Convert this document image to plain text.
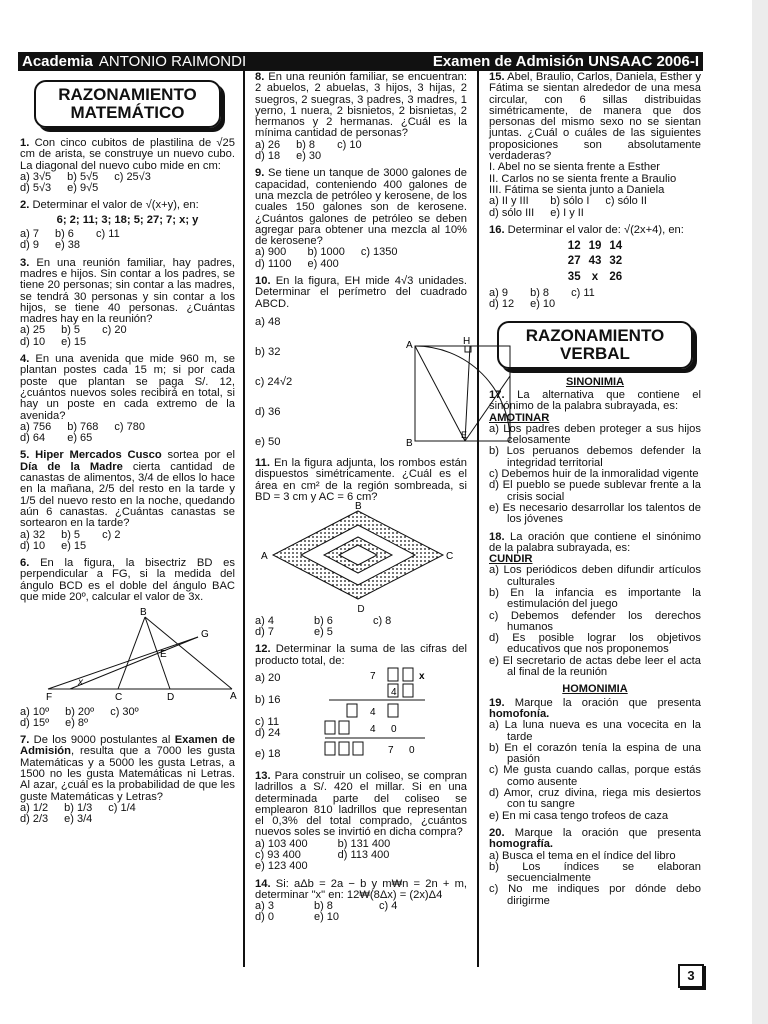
Academia ANTONIO RAIMONDI	Examen de Admisión UNSAAC 2006-I
RAZONAMIENTO MATEMÁTICO

1. Con cinco cubitos de plastilina de √25 cm de arista, se construye un nuevo cubo. La diagonal del nuevo cubo mide en cm:

a) 3√5 b) 5√5 c) 25√3
d) 5√3 e) 9√5

2. Determinar el valor de √(x+y), en:

6; 2; 11; 3; 18; 5; 27; 7; x; y

a) 7 b) 6	c) 11
d) 9 e) 38

3. En una reunión familiar, hay padres, madres e hijos. Sin contar a los padres, se tiene 20 personas; sin contar a las madres, se tendrá 30 personas y sin contar a los hijos, se tiene 40 personas. ¿Cuántas madres hay en la reunión?

a) 25 b) 5	c) 20
d) 10 e) 15

4. En una avenida que mide 960 m, se plantan postes cada 15 m; si por cada poste que plantan se paga S/. 12, ¿cuántos nuevos soles recibirá en total, si hay un poste en cada extremo de la avenida?

a) 756 b) 768 c) 780
d) 64	e) 65

5. Hiper Mercados Cusco sortea por el Día de la Madre cierta cantidad de canastas de alimentos, 3/4 de ellos lo hace en la mañana, 2/5 del resto en la tarde y 1/5 del nuevo resto en la noche, quedando aún 6 canastas. ¿Cuántas canastas se sortearon en la tarde?

a) 32 b) 5	c) 2
d) 10 e) 15

6. En la figura, la bisectriz BD es perpendicular a FG, si la medida del ángulo BCD es el doble del ángulo BAC que mide 20º, calcular el valor de 3x.

B
G
E
x
F	C	D	A
a) 10º b) 20º c) 30º
d) 15º e) 8º

7. De los 9000 postulantes al Examen de Admisión, resulta que a 7000 les gusta Matemáticas y a 5000 les gusta Letras, a 1500 no les gusta Matemáticas ni Letras. Al azar, ¿cuál es la probabilidad de que les guste Matemáticas y Letras?

a) 1/2 b) 1/3 c) 1/4
d) 2/3 e) 3/4

8. En una reunión familiar, se encuentran: 2 abuelos, 2 abuelas, 3 hijos, 3 hijas, 2 suegros, 2 suegras, 3 padres, 3 madres, 1 yerno, 1 nuera, 2 bisnietos, 2 bisnietas, 2 hermanos y 2 hermanas. ¿Cuál es la mínima cantidad de personas?

a) 26 b) 8	c) 10
d) 18 e) 30

9. Se tiene un tanque de 3000 galones de capacidad, conteniendo 400 galones de una mezcla de petróleo y kerosene, de los cuales 150 galones son de kerosene. ¿Cuántos galones de petróleo se deben agregar para obtener una mezcla al 10% de kerosene?

a) 900	b) 1000 c) 1350
d) 1100 e) 400

10. En la figura, EH mide 4√3 unidades. Determinar el perímetro del cuadrado ABCD.

a) 48
b) 32
c) 24√2
d) 36
e) 50
A	H
B
E

11. En la figura adjunta, los rombos están dispuestos simétricamente. ¿Cuál es el área en cm² de la región sombreada, si BD = 3 cm y AC = 6 cm?

B
A	C
D
a) 4	b) 6	c) 8
d) 7	e) 5

12. Determinar la suma de las cifras del producto total, de:

a) 20
b) 16
c) 11
d) 24
e) 18
7	x
4
4
4 0
7 0

13. Para construir un coliseo, se compran ladrillos a S/. 420 el millar. Si en una determinada parte del coliseo se emplearon 810 ladrillos que representan el 0,3% del total comprado, ¿cuántos nuevos soles se invirtió en dicha compra?

a) 103 400	b) 131 400
c) 93 400	d) 113 400
e) 123 400

14. Si: aΔb = 2a − b y m₩n = 2n + m, determinar "x" en: 12₩(8Δx) = (2x)Δ4

a) 3	b) 8	c) 4
d) 0	e) 10

15. Abel, Braulio, Carlos, Daniela, Esther y Fátima se sientan alrededor de una mesa circular, con 6 sillas distribuidas simétricamente, de manera que dos personas del mismo sexo no se sientan juntas. ¿Cuál o cuáles de las siguientes proposiciones son absolutamente verdaderas?

I. Abel no se sienta frente a Esther

II. Carlos no se sienta frente a Braulio

III. Fátima se sienta junto a Daniela

a) II y III	b) sólo I c) sólo II
d) sólo III e) I y II

16. Determinar el valor de: √(2x+4), en:

12	19	14
27	43	32
35	x	26
a) 9	b) 8	c) 11
d) 12 e) 10
RAZONAMIENTO VERBAL
SINONIMIA

17. La alternativa que contiene el sinónimo de la palabra subrayada, es:

AMOTINAR

a) Los padres deben proteger a sus hijos celosamente

b) Los peruanos debemos defender la integridad territorial

c) Debemos huir de la inmoralidad vigente

d) El pueblo se puede sublevar frente a la crisis social

e) Es necesario desarrollar los talentos de los jóvenes

18. La oración que contiene el sinónimo de la palabra subrayada, es:

CUNDIR

a) Los periódicos deben difundir artículos culturales

b) En la infancia es importante la estimulación del juego

c) Debemos defender los derechos humanos

d) Es posible lograr los objetivos educativos que nos proponemos

e) El secretario de actas debe leer el acta al final de la reunión

HOMONIMIA

19. Marque la oración que presenta homofonía.

a) La luna nueva es una vocecita en la tarde

b) En el corazón tenía la espina de una pasión

c) Me gusta cuando callas, porque estás como ausente

d) Amor, cruz divina, riega mis desiertos con tu sangre

e) En mi casa tengo trofeos de caza

20. Marque la oración que presenta homografía.

a) Busca el tema en el índice del libro

b) Los índices se elaboran secuencialmente

c) No me indiques por dónde debo dirigirme

3
